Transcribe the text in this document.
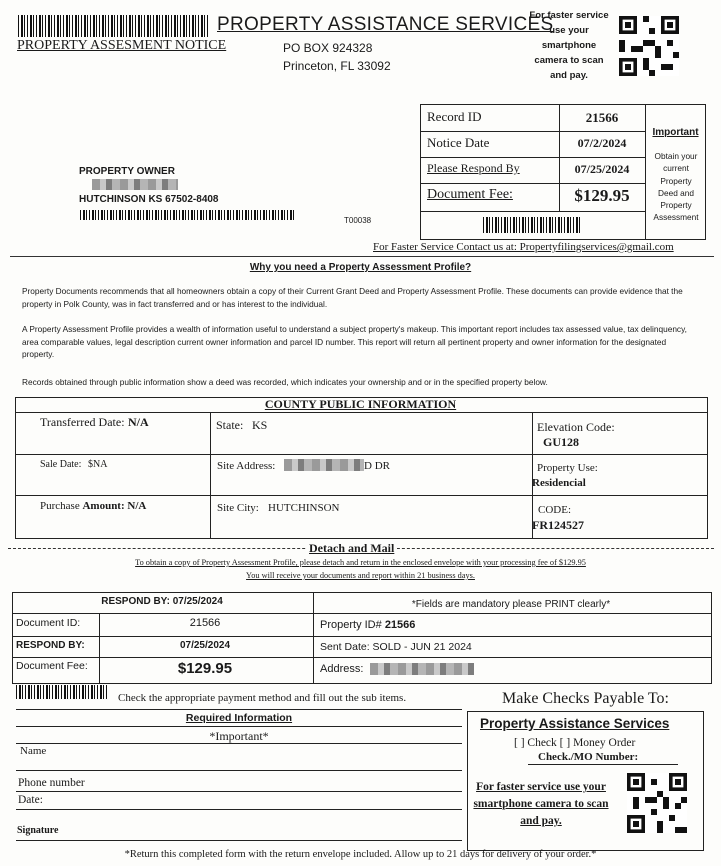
PROPERTY ASSISTANCE SERVICES
PROPERTY ASSESMENT NOTICE	PO BOX 924328
Princeton, FL 33092
For faster service use your smartphone camera to scan and pay.
Record ID	21566
Notice Date	07/2/2024
Please Respond By	07/25/2024
Document Fee:	$129.95
Important
Obtain your current Property Deed and Property Assessment
PROPERTY OWNER
HUTCHINSON KS 67502-8408
T00038
For Faster Service Contact us at: Propertyfilingservices@gmail.com
Why you need a Property Assessment Profile?
Property Documents recommends that all homeowners obtain a copy of their Current Grant Deed and Property Assessment Profile. These documents can provide evidence that the property in Polk County, was in fact transferred and or has interest to the individual.
A Property Assessment Profile provides a wealth of information useful to understand a subject property's makeup. This important report includes tax assessed value, tax delinquency, area comparable values, legal description current owner information and parcel ID number. This report will return all pertinent property and owner information for the designated property.
Records obtained through public information show a deed was recorded, which indicates your ownership and or in the specified property below.
COUNTY PUBLIC INFORMATION
Transferred Date: N/A	State: KS	Elevation Code:
GU128
Sale Date: $NA	Site Address:	D DR	Property Use:
Residencial
Purchase Amount: N/A	Site City: HUTCHINSON	CODE:
FR124527
Detach and Mail
To obtain a copy of Property Assessment Profile, please detach and return in the enclosed envelope with your processing fee of $129.95
You will receive your documents and report within 21 business days.
RESPOND BY: 07/25/2024	*Fields are mandatory please PRINT clearly*
Document ID:	21566	Property ID# 21566
RESPOND BY:	07/25/2024	Sent Date: SOLD - JUN 21 2024
Document Fee:	$129.95	Address:
Check the appropriate payment method and fill out the sub items.	Make Checks Payable To:
Property Assistance Services
[ ] Check [ ] Money Order
Check./MO Number:
For faster service use your smartphone camera to scan and pay.
Required Information
*Important*
Name
Phone number
Date:
Signature
*Return this completed form with the return envelope included. Allow up to 21 days for delivery of your order.*
